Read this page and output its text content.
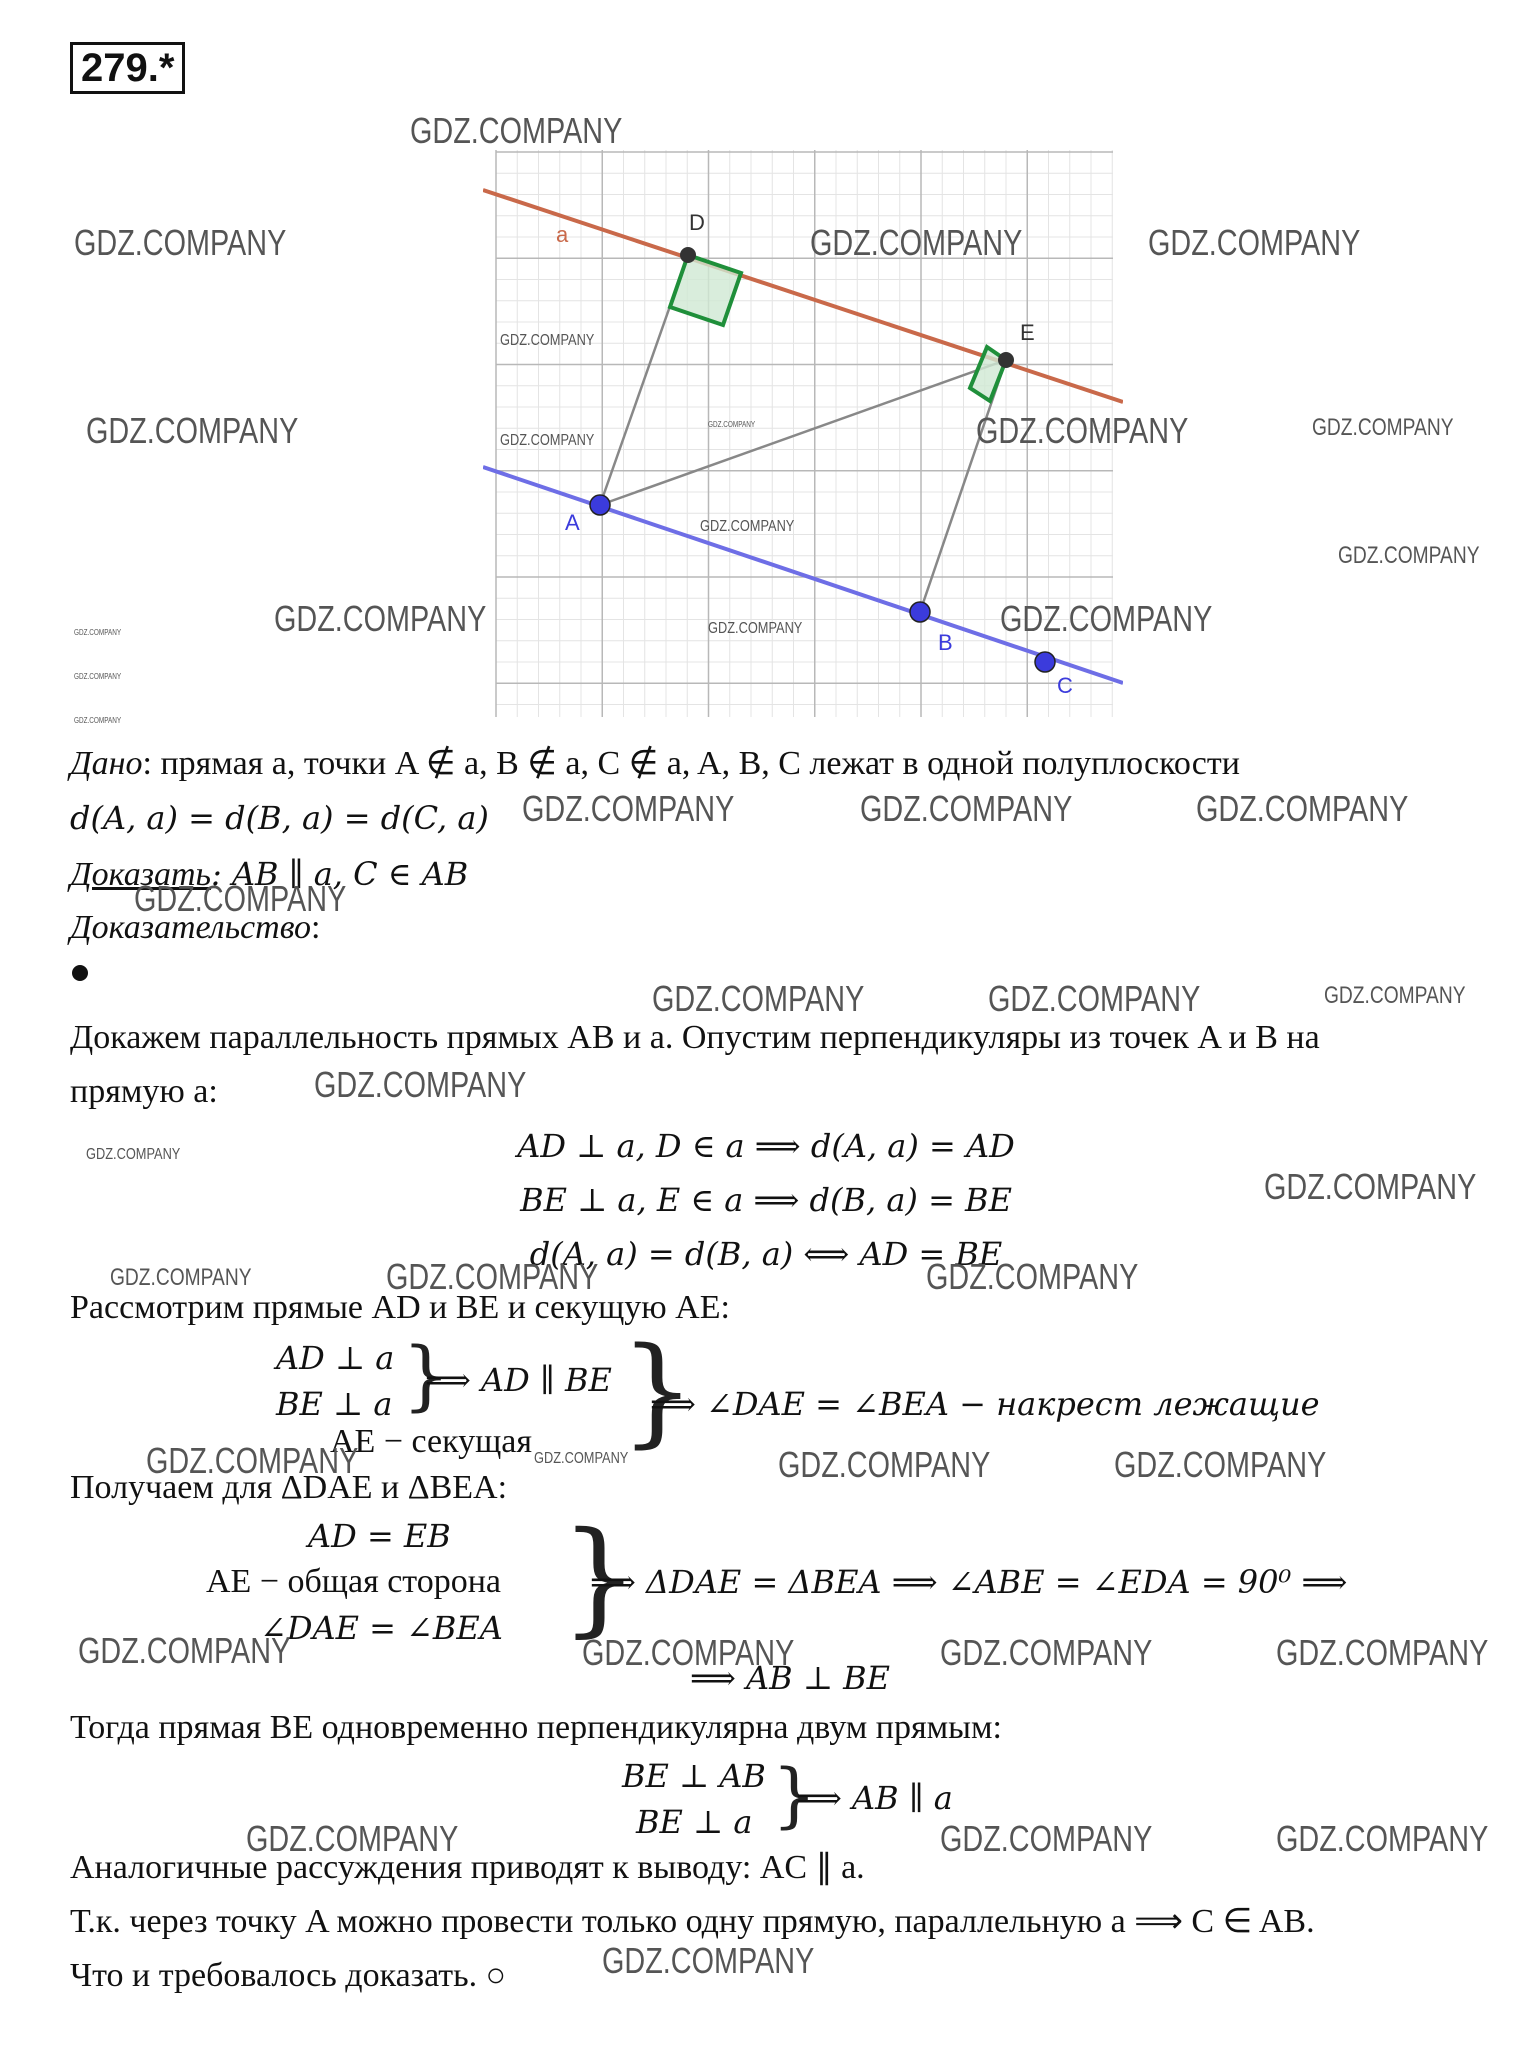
279.*
a	D
E
A
B
C
Дано: прямая a, точки A ∉ a, B ∉ a, C ∉ a, A, B, C лежат в одной полуплоскости
d(A, a) = d(B, a) = d(C, a)
Доказать: AB ∥ a, C ∈ AB
Доказательство:
Докажем параллельность прямых AB и a. Опустим перпендикуляры из точек A и B на
прямую a:
AD ⊥ a, D ∈ a ⟹ d(A, a) = AD
BE ⊥ a, E ∈ a ⟹ d(B, a) = BE
d(A, a) = d(B, a) ⟺ AD = BE
Рассмотрим прямые AD и BE и секущую AE:
AD ⊥ a
BE ⊥ a
AE − секущая
}
⟹ AD ∥ BE }
⟹ ∠DAE = ∠BEA − накрест лежащие
Получаем для ΔDAE и ΔBEA:
AD = EB
AE − общая сторона
∠DAE = ∠BEA }
⟹ ΔDAE = ΔBEA ⟹ ∠ABE = ∠EDA = 90⁰ ⟹
⟹ AB ⊥ BE
Тогда прямая BE одновременно перпендикулярна двум прямым:
BE ⊥ AB
BE ⊥ a }
⟹ AB ∥ a
Аналогичные рассуждения приводят к выводу: AC ∥ a.
Т.к. через точку A можно провести только одну прямую, параллельную a ⟹ C ∈ AB.
Что и требовалось доказать. ○
GDZ.COMPANY
GDZ.COMPANY	GDZ.COMPANY	GDZ.COMPANY
GDZ.COMPANY
GDZ.COMPANY	GDZ.COMPANY
GDZ.COMPANY	GDZ.COMPANY	GDZ.COMPANY
GDZ.COMPANY
GDZ.COMPANY
GDZ.COMPANY	GDZ.COMPANY	GDZ.COMPANY
GDZ.COMPANY
GDZ.COMPANY
GDZ.COMPANY
GDZ.COMPANY	GDZ.COMPANY	GDZ.COMPANY
GDZ.COMPANY
GDZ.COMPANY	GDZ.COMPANY	GDZ.COMPANY
GDZ.COMPANY
GDZ.COMPANY
GDZ.COMPANY
GDZ.COMPANY	GDZ.COMPANY	GDZ.COMPANY
GDZ.COMPANY	GDZ.COMPANY	GDZ.COMPANY	GDZ.COMPANY
GDZ.COMPANY	GDZ.COMPANY	GDZ.COMPANY	GDZ.COMPANY
GDZ.COMPANY	GDZ.COMPANY	GDZ.COMPANY
GDZ.COMPANY
